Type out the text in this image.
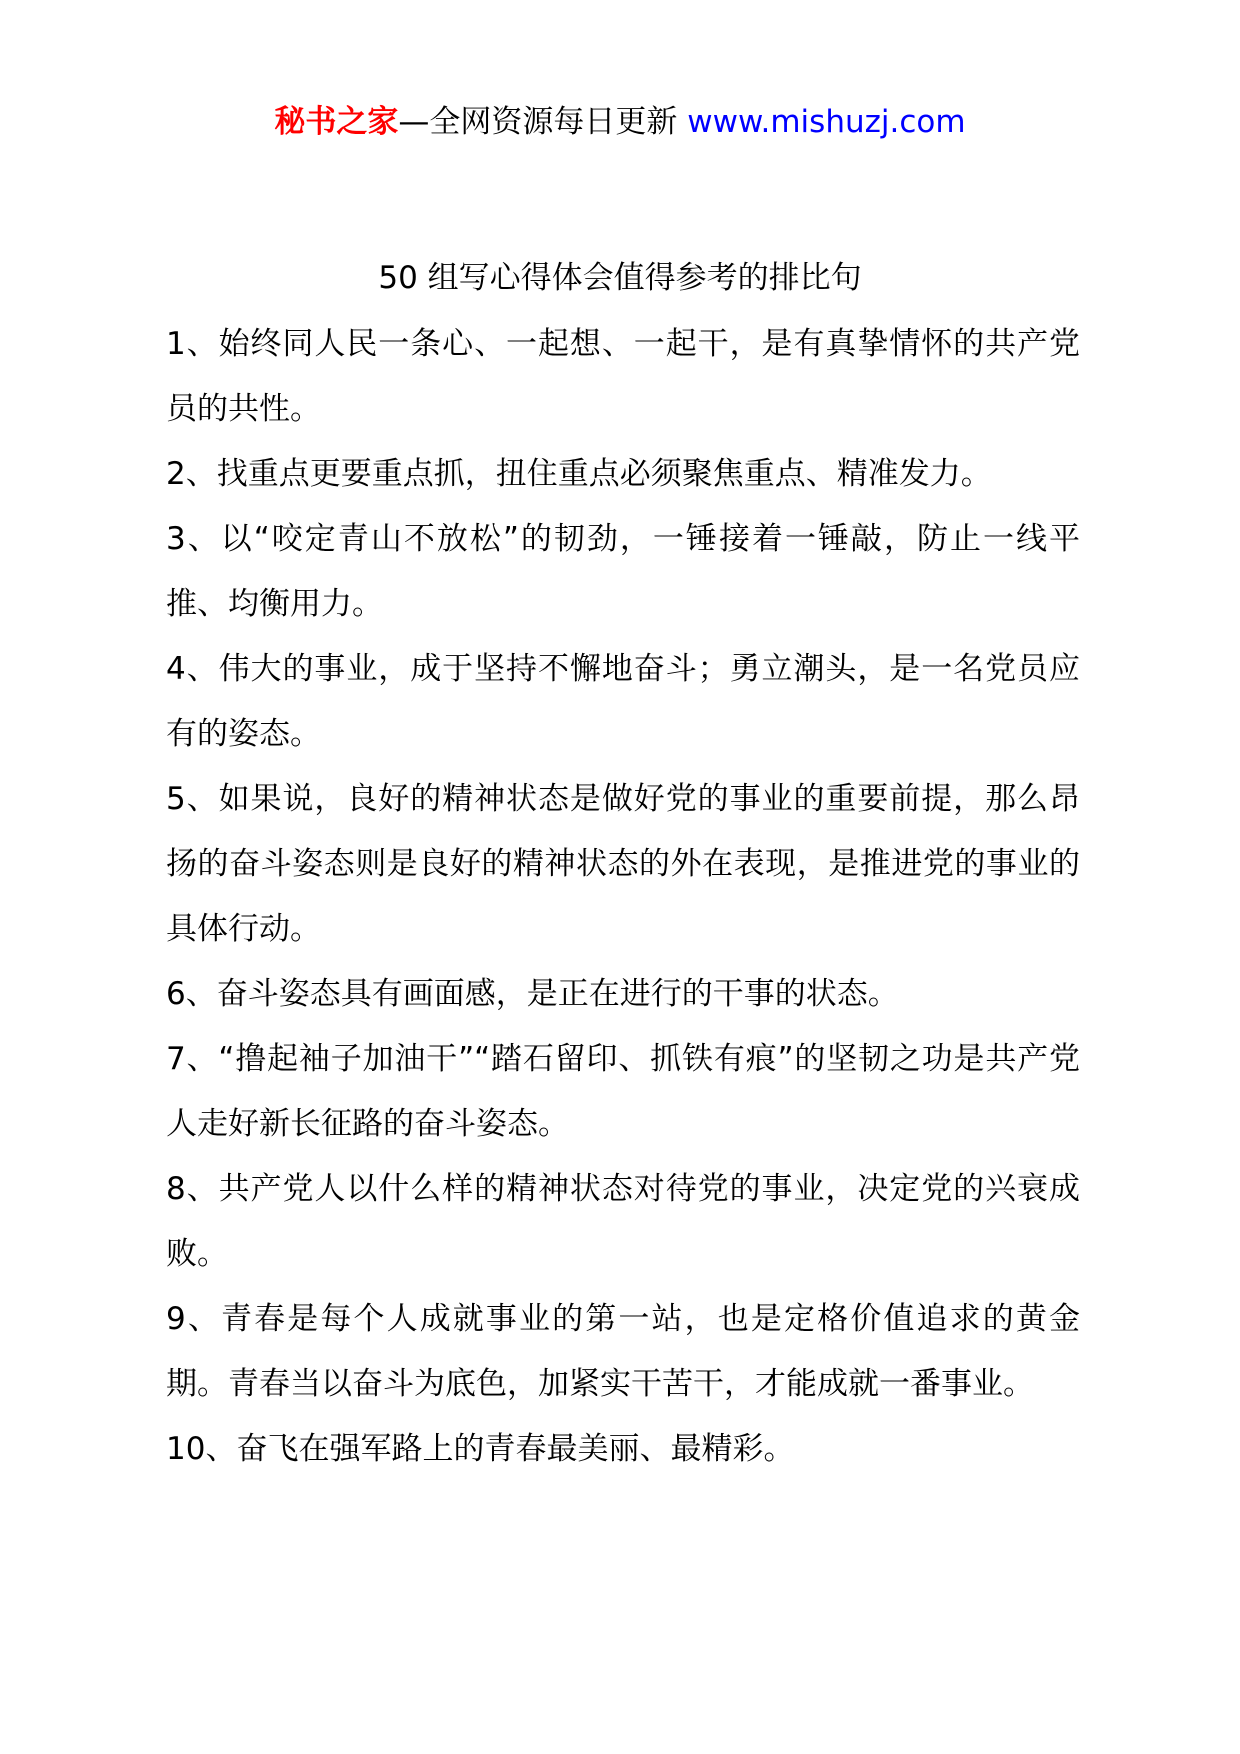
秘书之家—全网资源每日更新 www.mishuzj.com
50 组写心得体会值得参考的排比句

1、始终同人民一条心、一起想、一起干，是有真挚情怀的共产党员的共性。

2、找重点更要重点抓，扭住重点必须聚焦重点、精准发力。

3、以“咬定青山不放松”的韧劲，一锤接着一锤敲，防止一线平推、均衡用力。

4、伟大的事业，成于坚持不懈地奋斗；勇立潮头，是一名党员应有的姿态。

5、如果说，良好的精神状态是做好党的事业的重要前提，那么昂扬的奋斗姿态则是良好的精神状态的外在表现，是推进党的事业的具体行动。

6、奋斗姿态具有画面感，是正在进行的干事的状态。

7、“撸起袖子加油干”“踏石留印、抓铁有痕”的坚韧之功是共产党人走好新长征路的奋斗姿态。

8、共产党人以什么样的精神状态对待党的事业，决定党的兴衰成败。

9、青春是每个人成就事业的第一站，也是定格价值追求的黄金期。青春当以奋斗为底色，加紧实干苦干，才能成就一番事业。

10、奋飞在强军路上的青春最美丽、最精彩。
